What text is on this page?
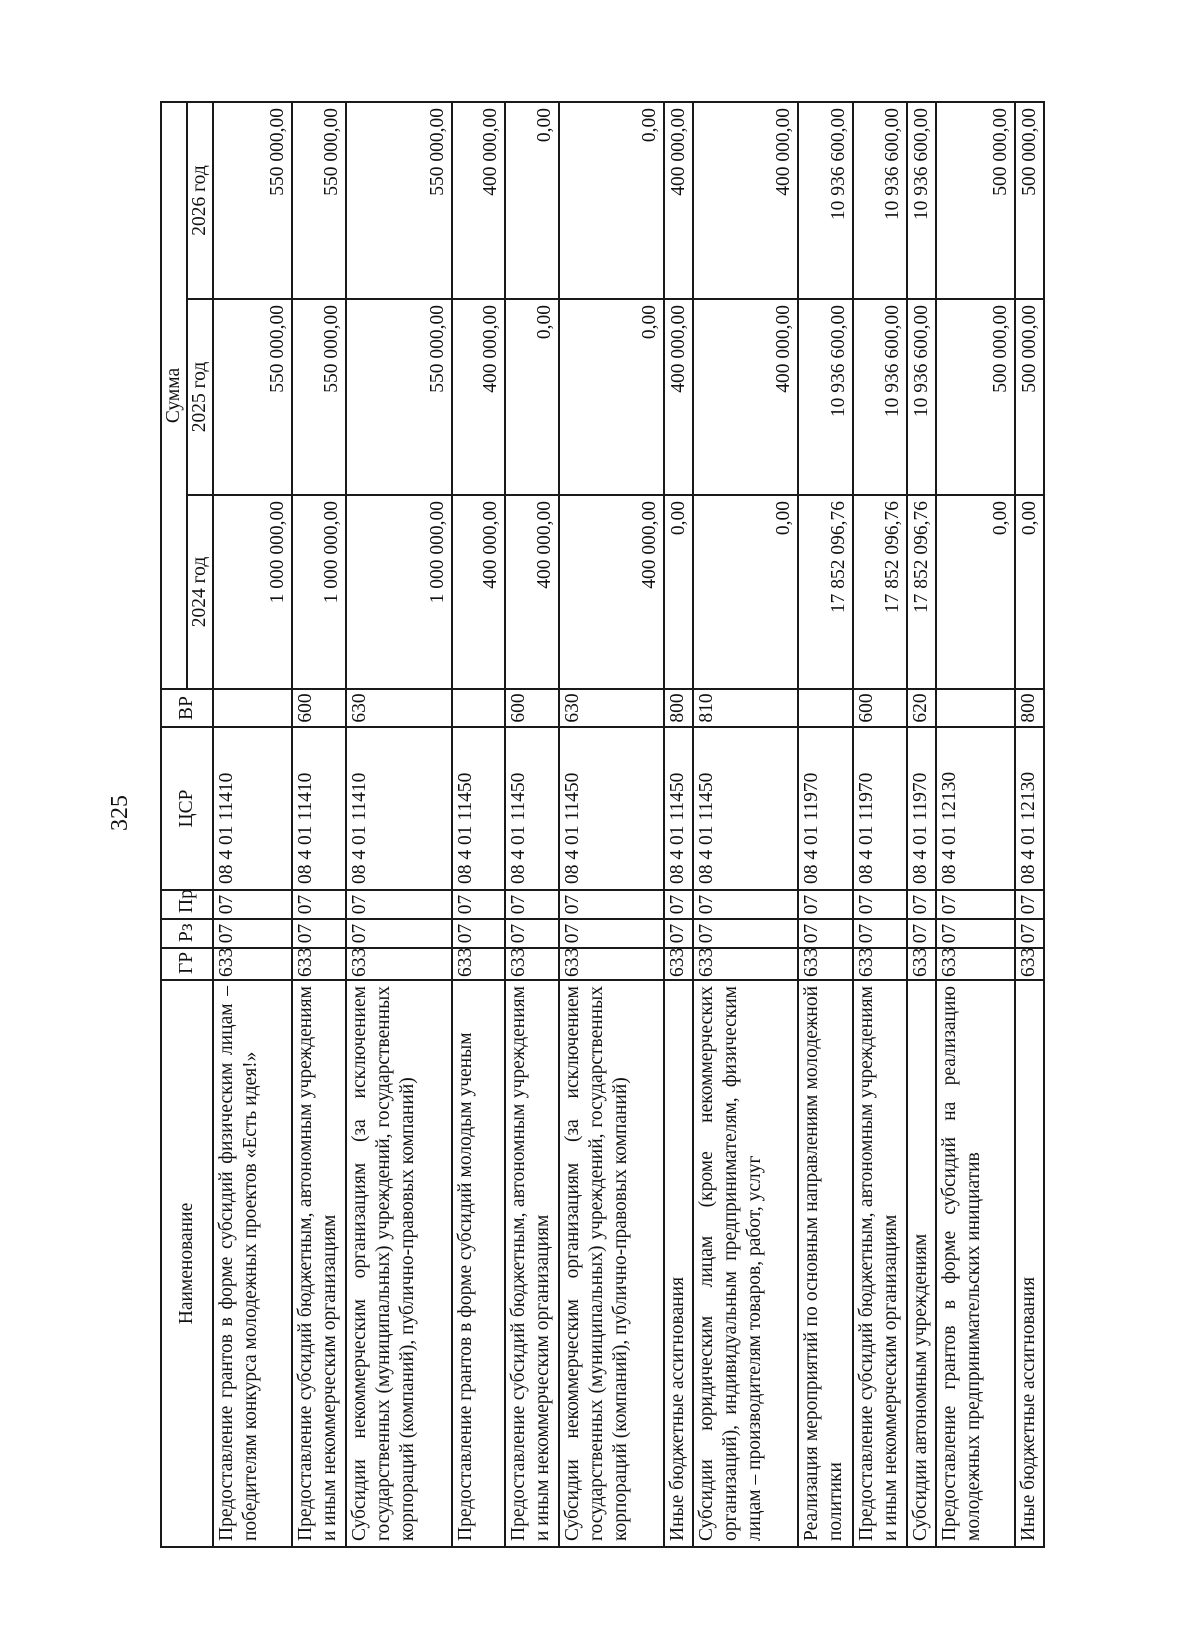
325
Наименование	ГР	Рз	Пр	ЦСР	ВР	Сумма		
						2024 год	2025 год	2026 год
Предоставление грантов в форме субсидий физическим лицам – победителям конкурса молодежных проектов «Есть идея!»	633	07	07	08 4 01 11410		1 000 000,00	550 000,00	550 000,00
Предоставление субсидий бюджетным, автономным учреждениям и иным некоммерческим организациям	633	07	07	08 4 01 11410	600	1 000 000,00	550 000,00	550 000,00
Субсидии некоммерческим организациям (за исключением государственных (муниципальных) учреждений, государственных корпораций (компаний), публично-правовых компаний)	633	07	07	08 4 01 11410	630	1 000 000,00	550 000,00	550 000,00
Предоставление грантов в форме субсидий молодым ученым	633	07	07	08 4 01 11450		400 000,00	400 000,00	400 000,00
Предоставление субсидий бюджетным, автономным учреждениям и иным некоммерческим организациям	633	07	07	08 4 01 11450	600	400 000,00	0,00	0,00
Субсидии некоммерческим организациям (за исключением государственных (муниципальных) учреждений, государственных корпораций (компаний), публично-правовых компаний)	633	07	07	08 4 01 11450	630	400 000,00	0,00	0,00
Иные бюджетные ассигнования	633	07	07	08 4 01 11450	800	0,00	400 000,00	400 000,00
Субсидии юридическим лицам (кроме некоммерческих организаций), индивидуальным предпринимателям, физическим лицам – производителям товаров, работ, услуг	633	07	07	08 4 01 11450	810	0,00	400 000,00	400 000,00
Реализация мероприятий по основным направлениям молодежной политики	633	07	07	08 4 01 11970		17 852 096,76	10 936 600,00	10 936 600,00
Предоставление субсидий бюджетным, автономным учреждениям и иным некоммерческим организациям	633	07	07	08 4 01 11970	600	17 852 096,76	10 936 600,00	10 936 600,00
Субсидии автономным учреждениям	633	07	07	08 4 01 11970	620	17 852 096,76	10 936 600,00	10 936 600,00
Предоставление грантов в форме субсидий на реализацию молодежных предпринимательских инициатив	633	07	07	08 4 01 12130		0,00	500 000,00	500 000,00
Иные бюджетные ассигнования	633	07	07	08 4 01 12130	800	0,00	500 000,00	500 000,00
